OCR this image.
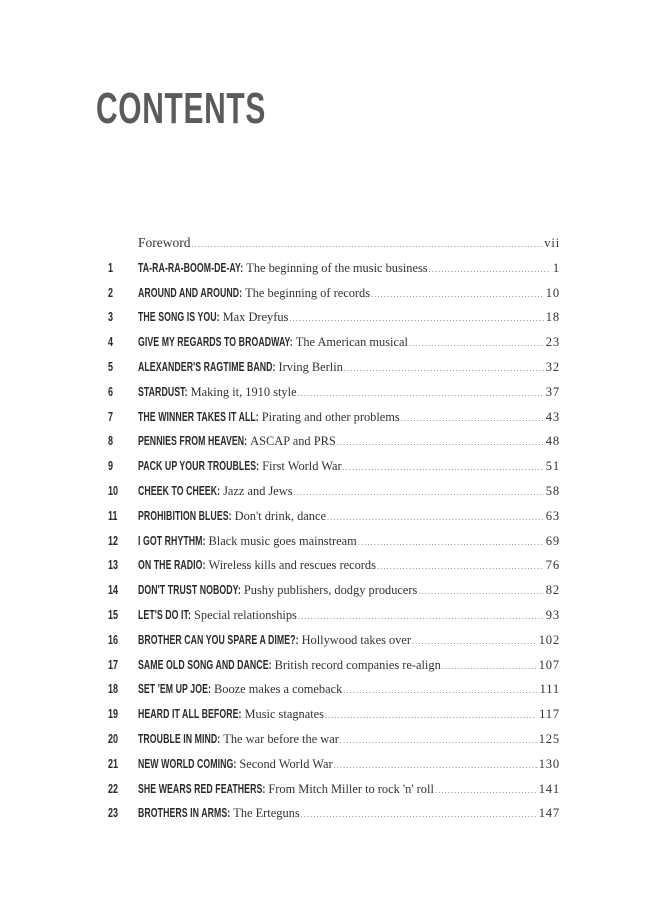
CONTENTS
Foreword .....	vii
1	TA-RA-RA-BOOM-DE-AY: The beginning of the music business .....	1
2	AROUND AND AROUND: The beginning of records .....	10
3	THE SONG IS YOU: Max Dreyfus .....	18
4	GIVE MY REGARDS TO BROADWAY: The American musical .....	23
5	ALEXANDER'S RAGTIME BAND: Irving Berlin .....	32
6	STARDUST: Making it, 1910 style .....	37
7	THE WINNER TAKES IT ALL: Pirating and other problems .....	43
8	PENNIES FROM HEAVEN: ASCAP and PRS .....	48
9	PACK UP YOUR TROUBLES: First World War .....	51
10	CHEEK TO CHEEK: Jazz and Jews .....	58
11	PROHIBITION BLUES: Don't drink, dance .....	63
12	I GOT RHYTHM: Black music goes mainstream .....	69
13	ON THE RADIO: Wireless kills and rescues records .....	76
14	DON'T TRUST NOBODY: Pushy publishers, dodgy producers .....	82
15	LET'S DO IT: Special relationships .....	93
16	BROTHER CAN YOU SPARE A DIME?: Hollywood takes over .....	102
17	SAME OLD SONG AND DANCE: British record companies re-align .....	107
18	SET 'EM UP JOE: Booze makes a comeback .....	111
19	HEARD IT ALL BEFORE: Music stagnates .....	117
20	TROUBLE IN MIND: The war before the war .....	125
21	NEW WORLD COMING: Second World War .....	130
22	SHE WEARS RED FEATHERS: From Mitch Miller to rock 'n' roll .....	141
23	BROTHERS IN ARMS: The Erteguns .....	147
